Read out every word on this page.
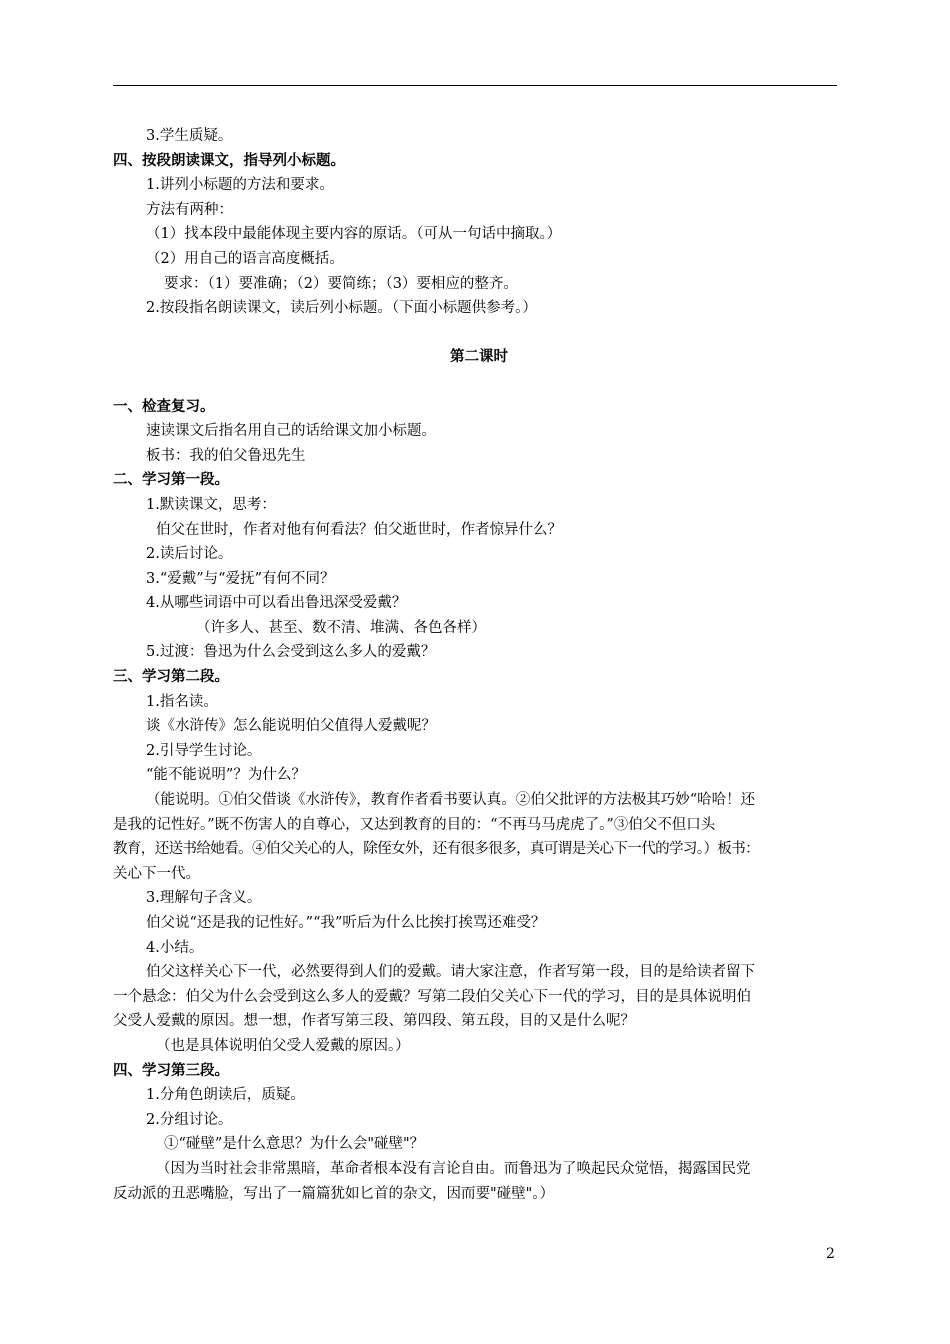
3.学生质疑。
四、按段朗读课文，指导列小标题。
1.讲列小标题的方法和要求。
方法有两种：
（1）找本段中最能体现主要内容的原话。（可从一句话中摘取。）
（2）用自己的语言高度概括。
要求：（1）要准确；（2）要简练；（3）要相应的整齐。
2.按段指名朗读课文，读后列小标题。（下面小标题供参考。）
第二课时
一、检查复习。
速读课文后指名用自己的话给课文加小标题。
板书：我的伯父鲁迅先生
二、学习第一段。
1.默读课文，思考：
伯父在世时，作者对他有何看法？伯父逝世时，作者惊异什么？
2.读后讨论。
3.“爱戴”与“爱抚”有何不同？
4.从哪些词语中可以看出鲁迅深受爱戴？
（许多人、甚至、数不清、堆满、各色各样）
5.过渡：鲁迅为什么会受到这么多人的爱戴？
三、学习第二段。
1.指名读。
谈《水浒传》怎么能说明伯父值得人爱戴呢？
2.引导学生讨论。
“能不能说明”？为什么？
（能说明。①伯父借谈《水浒传》，教育作者看书要认真。②伯父批评的方法极其巧妙“哈哈！还
是我的记性好。”既不伤害人的自尊心，又达到教育的目的：“不再马马虎虎了。”③伯父不但口头
教育，还送书给她看。④伯父关心的人，除侄女外，还有很多很多，真可谓是关心下一代的学习。）板书：
关心下一代。
3.理解句子含义。
伯父说“还是我的记性好。”“我”听后为什么比挨打挨骂还难受？
4.小结。
伯父这样关心下一代，必然要得到人们的爱戴。请大家注意，作者写第一段，目的是给读者留下
一个悬念：伯父为什么会受到这么多人的爱戴？写第二段伯父关心下一代的学习，目的是具体说明伯
父受人爱戴的原因。想一想，作者写第三段、第四段、第五段，目的又是什么呢？
（也是具体说明伯父受人爱戴的原因。）
四、学习第三段。
1.分角色朗读后，质疑。
2.分组讨论。
①“碰壁”是什么意思？为什么会"碰壁"？
（因为当时社会非常黑暗，革命者根本没有言论自由。而鲁迅为了唤起民众觉悟，揭露国民党
反动派的丑恶嘴脸，写出了一篇篇犹如匕首的杂文，因而要"碰壁"。）
2
